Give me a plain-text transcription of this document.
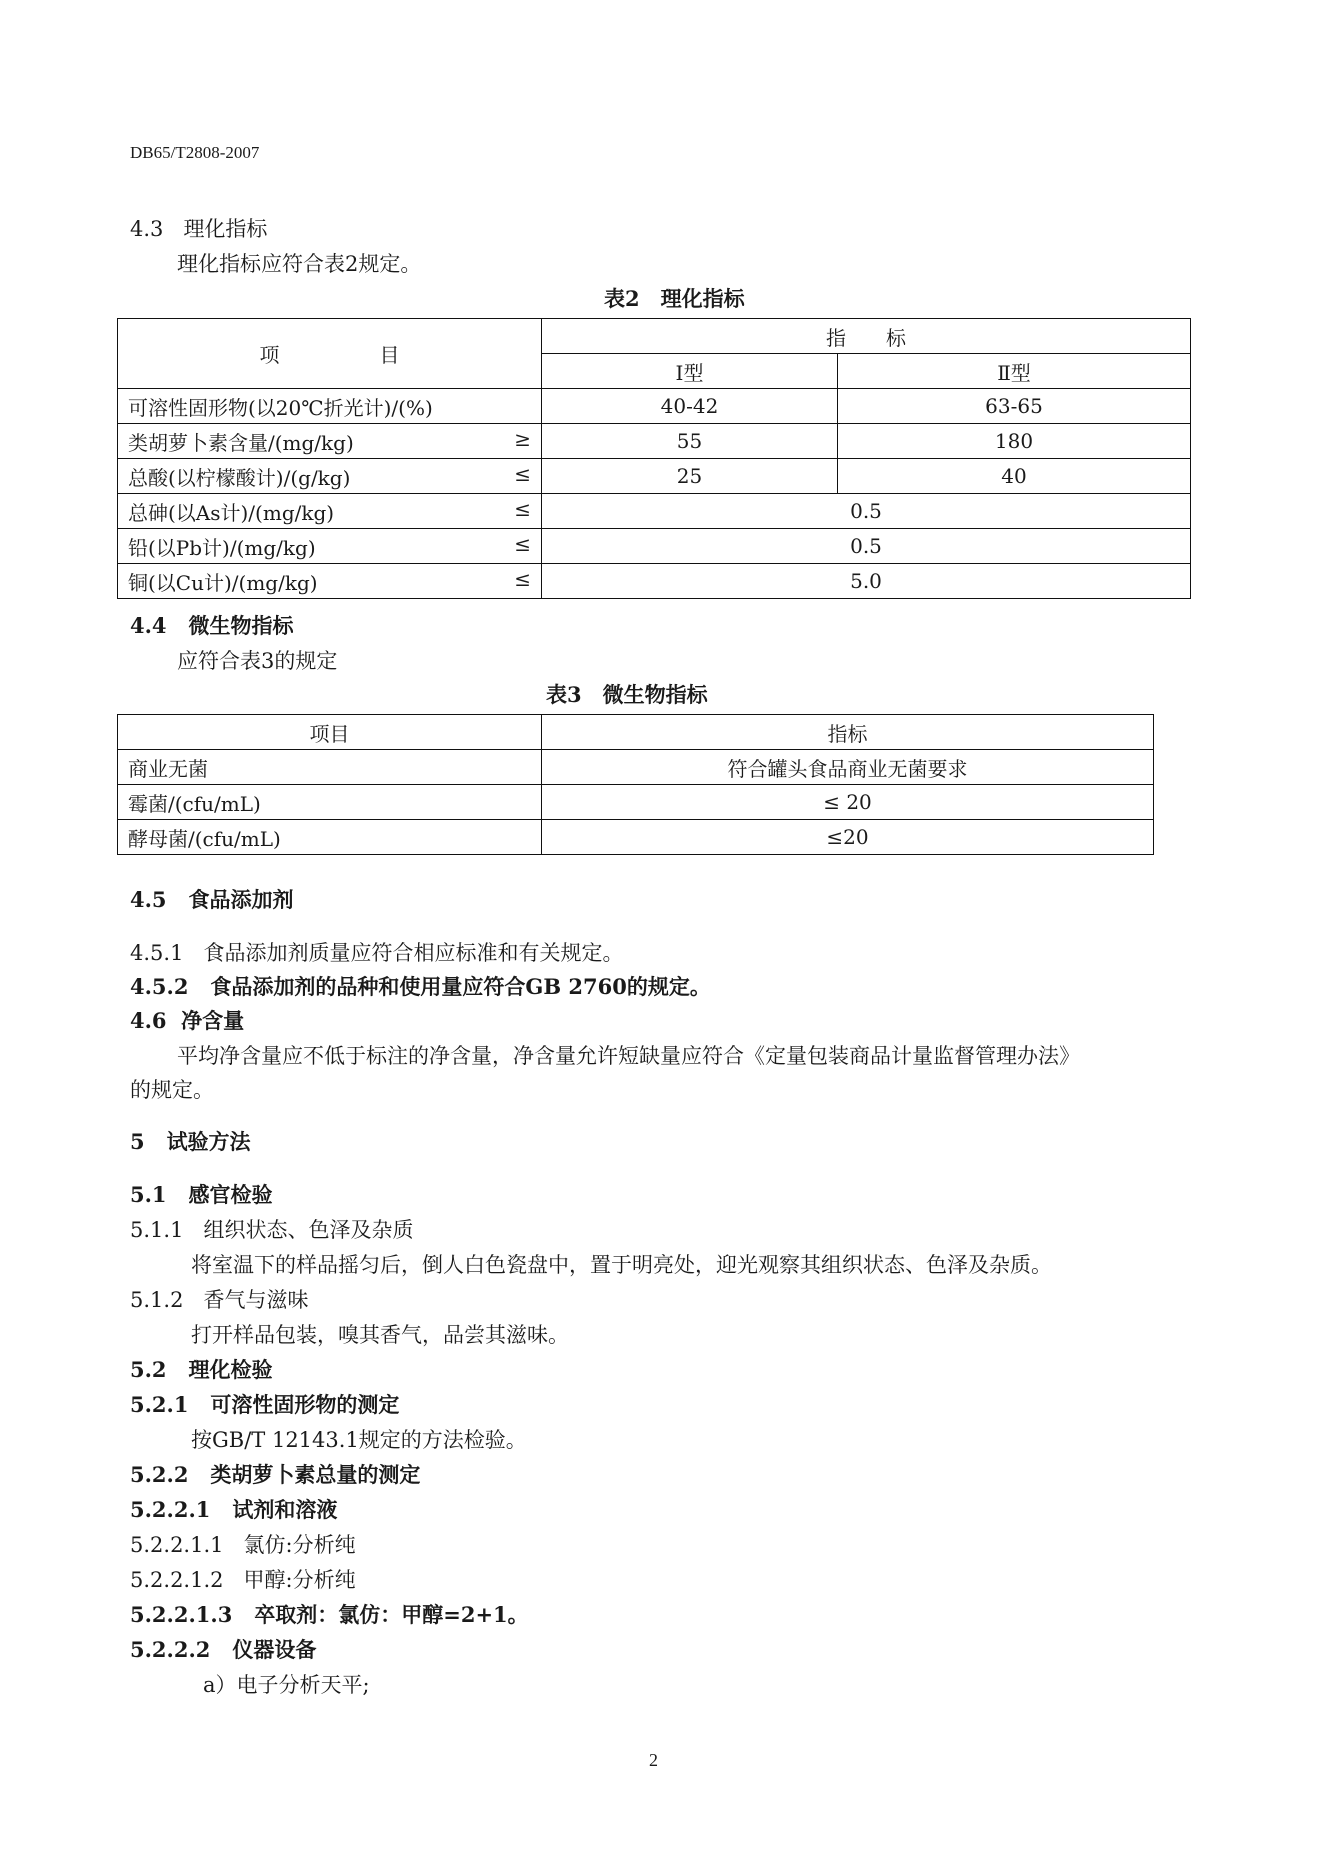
DB65/T2808-2007
4.3 理化指标
理化指标应符合表2规定。
表2　理化指标
项　　　　　目	指　　标	
	Ⅰ型	Ⅱ型
可溶性固形物(以20℃折光计)/(%)	40-42	63-65
类胡萝卜素含量/(mg/kg) ≥	55	180
总酸(以柠檬酸计)/(g/kg) ≤	25	40
总砷(以As计)/(mg/kg) ≤	0.5	
铅(以Pb计)/(mg/kg) ≤	0.5	
铜(以Cu计)/(mg/kg) ≤	5.0	
4.4 微生物指标
应符合表3的规定
表3　微生物指标
项目	指标
商业无菌	符合罐头食品商业无菌要求
霉菌/(cfu/mL)	≤ 20
酵母菌/(cfu/mL)	≤20
4.5 食品添加剂
4.5.1 食品添加剂质量应符合相应标准和有关规定。
4.5.2 食品添加剂的品种和使用量应符合GB 2760的规定。
4.6 净含量
平均净含量应不低于标注的净含量，净含量允许短缺量应符合《定量包装商品计量监督管理办法》
的规定。
5 试验方法
5.1 感官检验
5.1.1 组织状态、色泽及杂质
将室温下的样品摇匀后，倒人白色瓷盘中，置于明亮处，迎光观察其组织状态、色泽及杂质。
5.1.2 香气与滋味
打开样品包装，嗅其香气，品尝其滋味。
5.2 理化检验
5.2.1 可溶性固形物的测定
按GB/T 12143.1规定的方法检验。
5.2.2 类胡萝卜素总量的测定
5.2.2.1 试剂和溶液
5.2.2.1.1 氯仿:分析纯
5.2.2.1.2 甲醇:分析纯
5.2.2.1.3 卒取剂：氯仿：甲醇=2+1。
5.2.2.2 仪器设备
a）电子分析天平;
2
